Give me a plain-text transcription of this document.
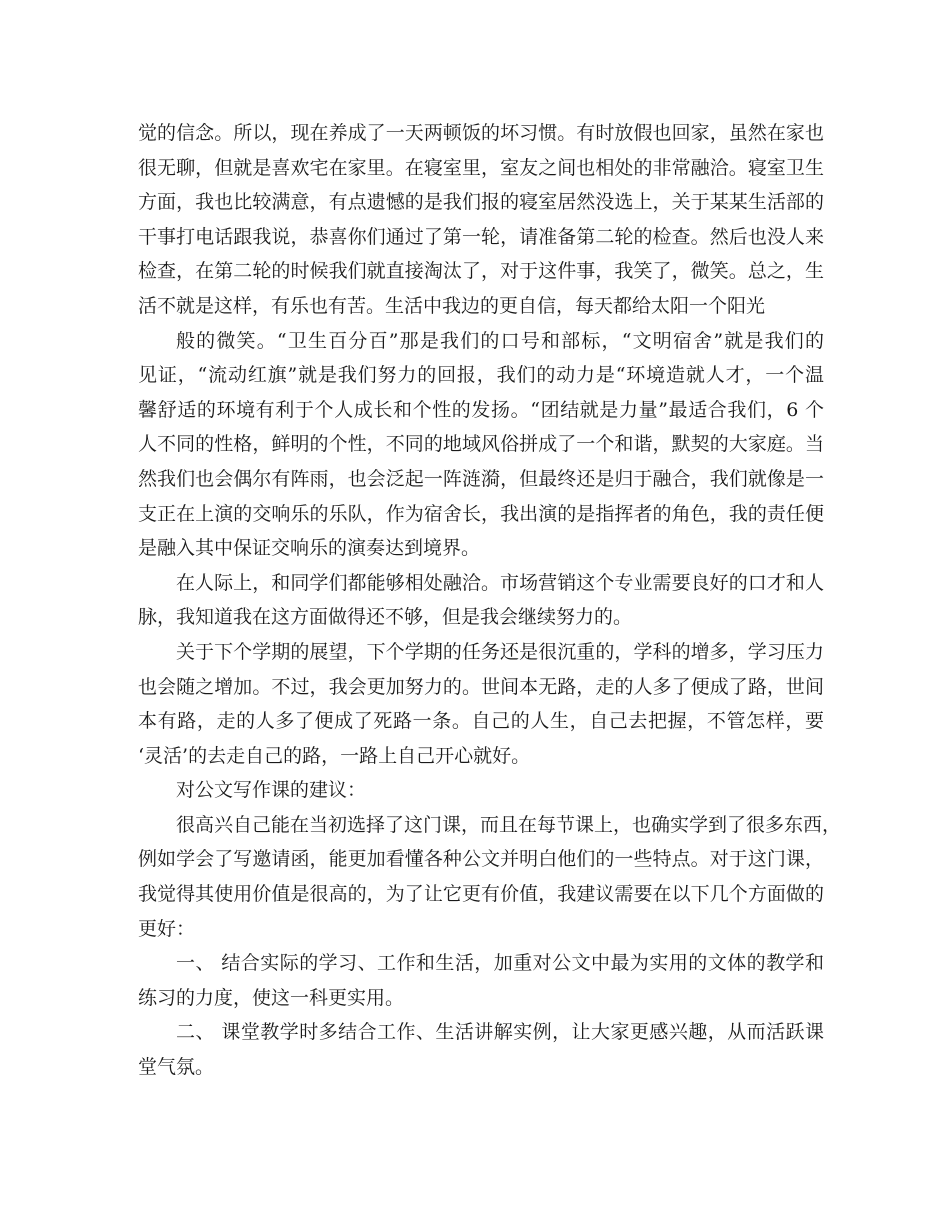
觉的信念。所以，现在养成了一天两顿饭的坏习惯。有时放假也回家，虽然在家也
很无聊，但就是喜欢宅在家里。在寝室里，室友之间也相处的非常融洽。寝室卫生
方面，我也比较满意，有点遗憾的是我们报的寝室居然没选上，关于某某生活部的
干事打电话跟我说，恭喜你们通过了第一轮，请准备第二轮的检查。然后也没人来
检查，在第二轮的时候我们就直接淘汰了，对于这件事，我笑了，微笑。总之，生
活不就是这样，有乐也有苦。生活中我边的更自信，每天都给太阳一个阳光
般的微笑。“卫生百分百”那是我们的口号和部标，“文明宿舍”就是我们的
见证，“流动红旗”就是我们努力的回报，我们的动力是“环境造就人才，一个温
馨舒适的环境有利于个人成长和个性的发扬。“团结就是力量”最适合我们，6 个
人不同的性格，鲜明的个性，不同的地域风俗拼成了一个和谐，默契的大家庭。当
然我们也会偶尔有阵雨，也会泛起一阵涟漪，但最终还是归于融合，我们就像是一
支正在上演的交响乐的乐队，作为宿舍长，我出演的是指挥者的角色，我的责任便
是融入其中保证交响乐的演奏达到境界。
在人际上，和同学们都能够相处融洽。市场营销这个专业需要良好的口才和人
脉，我知道我在这方面做得还不够，但是我会继续努力的。
关于下个学期的展望，下个学期的任务还是很沉重的，学科的增多，学习压力
也会随之增加。不过，我会更加努力的。世间本无路，走的人多了便成了路，世间
本有路，走的人多了便成了死路一条。自己的人生，自己去把握，不管怎样，要
‘灵活’的去走自己的路，一路上自己开心就好。
对公文写作课的建议：
很高兴自己能在当初选择了这门课，而且在每节课上，也确实学到了很多东西，
例如学会了写邀请函，能更加看懂各种公文并明白他们的一些特点。对于这门课，
我觉得其使用价值是很高的，为了让它更有价值，我建议需要在以下几个方面做的
更好：
一、 结合实际的学习、工作和生活，加重对公文中最为实用的文体的教学和
练习的力度，使这一科更实用。
二、 课堂教学时多结合工作、生活讲解实例，让大家更感兴趣，从而活跃课
堂气氛。
